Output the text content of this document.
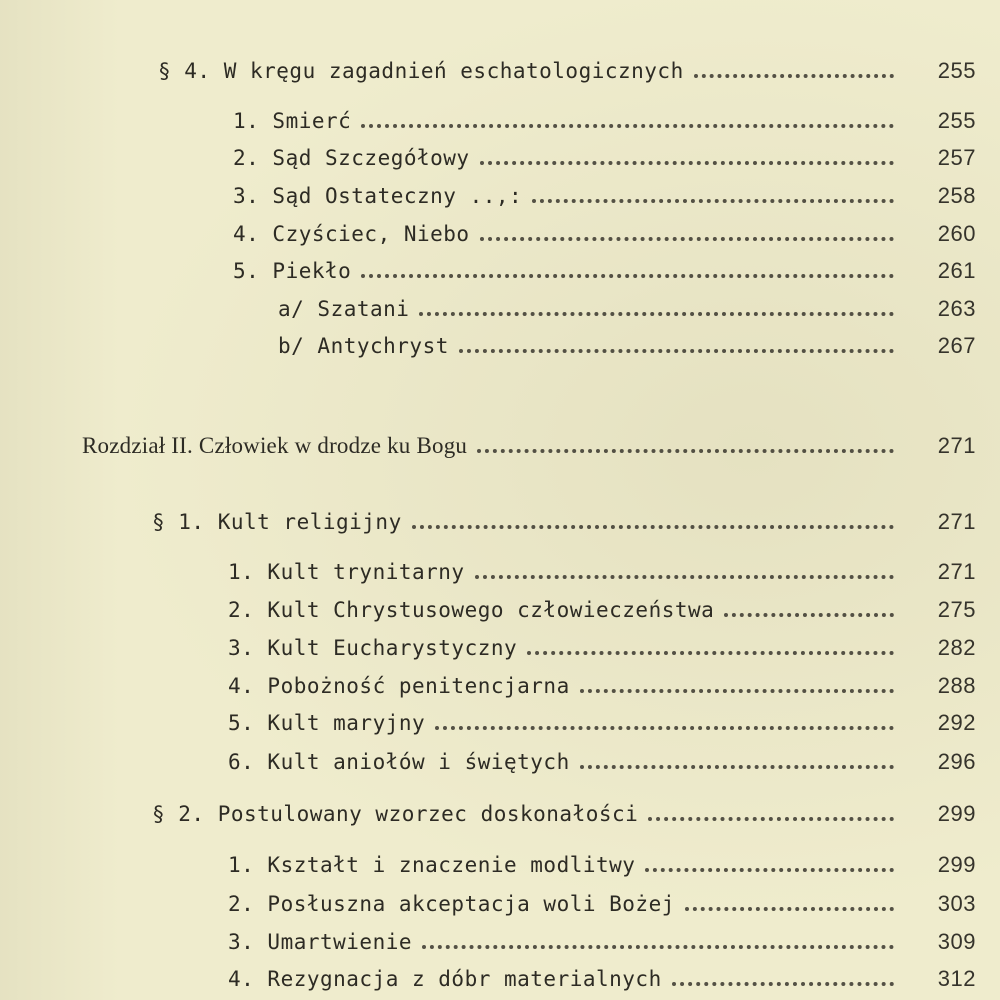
§ 4. W kręgu zagadnień eschatologicznych	255
1. Smierć	255
2. Sąd Szczegółowy	257
3. Sąd Ostateczny ..,:	258
4. Czyściec, Niebo	260
5. Piekło	261
a/ Szatani	263
b/ Antychryst	267
Rozdział II. Człowiek w drodze ku Bogu	271
§ 1. Kult religijny	271
1. Kult trynitarny	271
2. Kult Chrystusowego człowieczeństwa	275
3. Kult Eucharystyczny	282
4. Pobożność penitencjarna	288
5. Kult maryjny	292
6. Kult aniołów i świętych	296
§ 2. Postulowany wzorzec doskonałości	299
1. Kształt i znaczenie modlitwy	299
2. Posłuszna akceptacja woli Bożej	303
3. Umartwienie	309
4. Rezygnacja z dóbr materialnych	312
